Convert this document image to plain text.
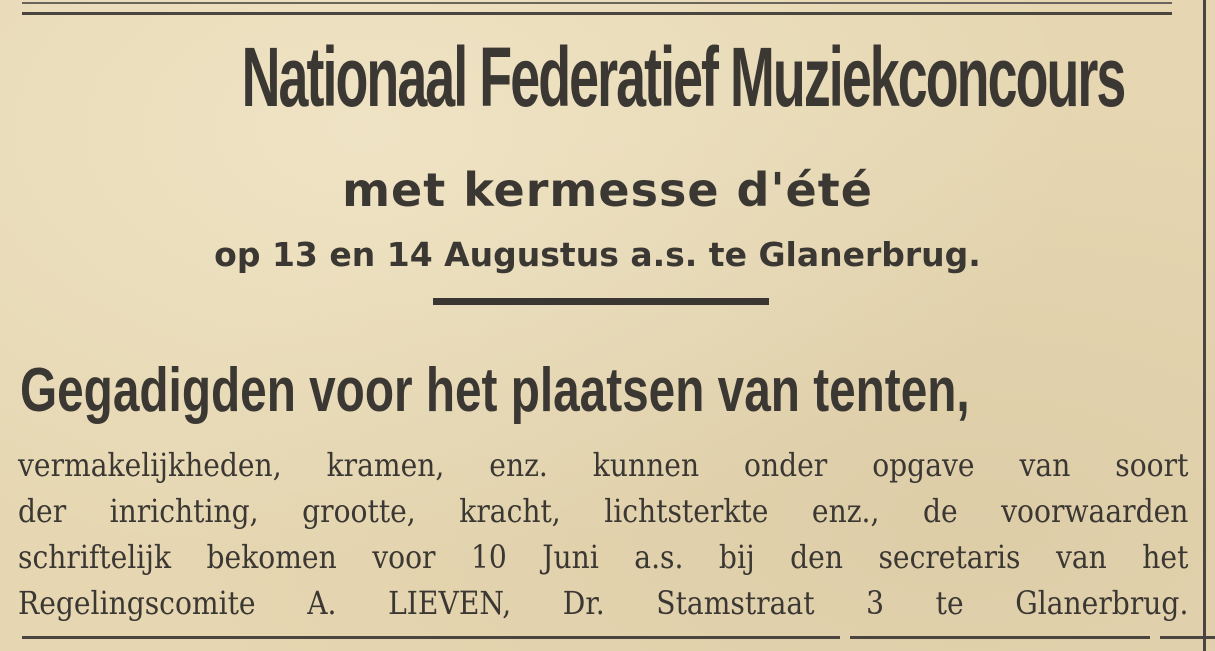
Nationaal Federatief Muziekconcours
met kermesse d'été
op 13 en 14 Augustus a.s. te Glanerbrug.
Gegadigden voor het plaatsen van tenten,
vermakelijkheden, kramen, enz. kunnen onder opgave van soort
der inrichting, grootte, kracht, lichtsterkte enz., de voorwaarden
schriftelijk bekomen voor 10 Juni a.s. bij den secretaris van het
Regelingscomite A. LIEVEN, Dr. Stamstraat 3 te Glanerbrug.
